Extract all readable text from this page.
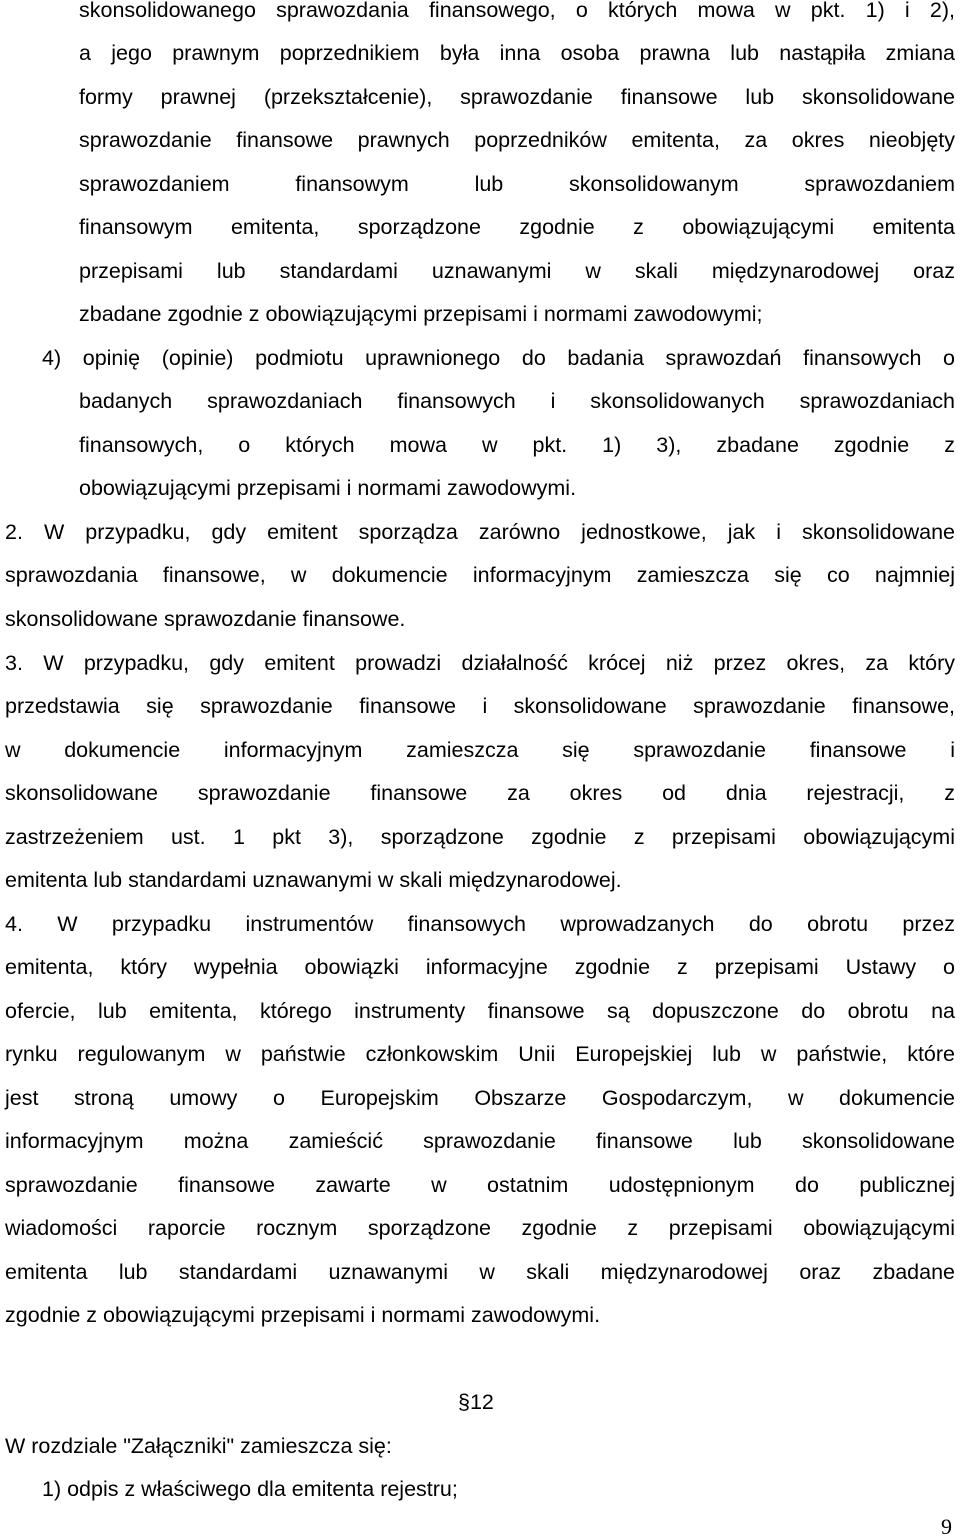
skonsolidowanego sprawozdania finansowego, o których mowa w pkt. 1) i 2),
a jego prawnym poprzednikiem była inna osoba prawna lub nastąpiła zmiana
formy prawnej (przekształcenie), sprawozdanie finansowe lub skonsolidowane
sprawozdanie finansowe prawnych poprzedników emitenta, za okres nieobjęty
sprawozdaniem finansowym lub skonsolidowanym sprawozdaniem
finansowym emitenta, sporządzone zgodnie z obowiązującymi emitenta
przepisami lub standardami uznawanymi w skali międzynarodowej oraz
zbadane zgodnie z obowiązującymi przepisami i normami zawodowymi;
4) opinię (opinie) podmiotu uprawnionego do badania sprawozdań finansowych o
badanych sprawozdaniach finansowych i skonsolidowanych sprawozdaniach
finansowych, o których mowa w pkt. 1) 3), zbadane zgodnie z
obowiązującymi przepisami i normami zawodowymi.
2. W przypadku, gdy emitent sporządza zarówno jednostkowe, jak i skonsolidowane
sprawozdania finansowe, w dokumencie informacyjnym zamieszcza się co najmniej
skonsolidowane sprawozdanie finansowe.
3. W przypadku, gdy emitent prowadzi działalność krócej niż przez okres, za który
przedstawia się sprawozdanie finansowe i skonsolidowane sprawozdanie finansowe,
w dokumencie informacyjnym zamieszcza się sprawozdanie finansowe i
skonsolidowane sprawozdanie finansowe za okres od dnia rejestracji, z
zastrzeżeniem ust. 1 pkt 3), sporządzone zgodnie z przepisami obowiązującymi
emitenta lub standardami uznawanymi w skali międzynarodowej.
4. W przypadku instrumentów finansowych wprowadzanych do obrotu przez
emitenta, który wypełnia obowiązki informacyjne zgodnie z przepisami Ustawy o
ofercie, lub emitenta, którego instrumenty finansowe są dopuszczone do obrotu na
rynku regulowanym w państwie członkowskim Unii Europejskiej lub w państwie, które
jest stroną umowy o Europejskim Obszarze Gospodarczym, w dokumencie
informacyjnym można zamieścić sprawozdanie finansowe lub skonsolidowane
sprawozdanie finansowe zawarte w ostatnim udostępnionym do publicznej
wiadomości raporcie rocznym sporządzone zgodnie z przepisami obowiązującymi
emitenta lub standardami uznawanymi w skali międzynarodowej oraz zbadane
zgodnie z obowiązującymi przepisami i normami zawodowymi.
§12
W rozdziale "Załączniki" zamieszcza się:
1) odpis z właściwego dla emitenta rejestru;
9
